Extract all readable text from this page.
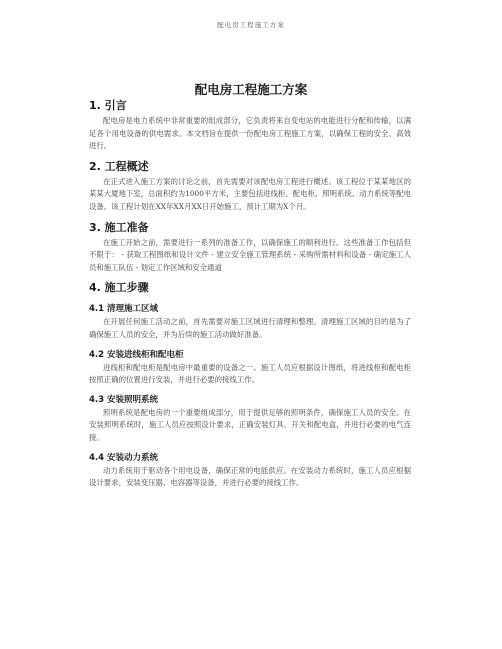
配电房工程施工方案
配电房工程施工方案
1. 引言

配电房是电力系统中非常重要的组成部分，它负责将来自变电站的电能进行分配和传输，以满足各个用电设备的供电需求。本文档旨在提供一份配电房工程施工方案，以确保工程的安全、高效进行。

2. 工程概述

在正式进入施工方案的讨论之前，首先需要对该配电房工程进行概述。该工程位于某某地区的某某大厦地下室，总面积约为1000平方米，主要包括进线柜、配电柜、照明系统、动力系统等配电设备。该工程计划在XX年XX月XX日开始施工，预计工期为X个月。

3. 施工准备

在施工开始之前，需要进行一系列的准备工作，以确保施工的顺利进行。这些准备工作包括但不限于： - 获取工程图纸和设计文件 - 建立安全施工管理系统 - 采购所需材料和设备 - 确定施工人员和施工队伍 - 划定工作区域和安全通道

4. 施工步骤
4.1 清理施工区域

在开展任何施工活动之前，首先需要对施工区域进行清理和整理。清理施工区域的目的是为了确保施工人员的安全，并为后续的施工活动做好准备。

4.2 安装进线柜和配电柜

进线柜和配电柜是配电房中最重要的设备之一。施工人员应根据设计图纸，将进线柜和配电柜按照正确的位置进行安装，并进行必要的接线工作。

4.3 安装照明系统

照明系统是配电房的一个重要组成部分，用于提供足够的照明条件，确保施工人员的安全。在安装照明系统时，施工人员应按照设计要求，正确安装灯具、开关和配电盒，并进行必要的电气连接。

4.4 安装动力系统

动力系统用于驱动各个用电设备，确保正常的电能供应。在安装动力系统时，施工人员应根据设计要求，安装变压器、电容器等设备，并进行必要的接线工作。
